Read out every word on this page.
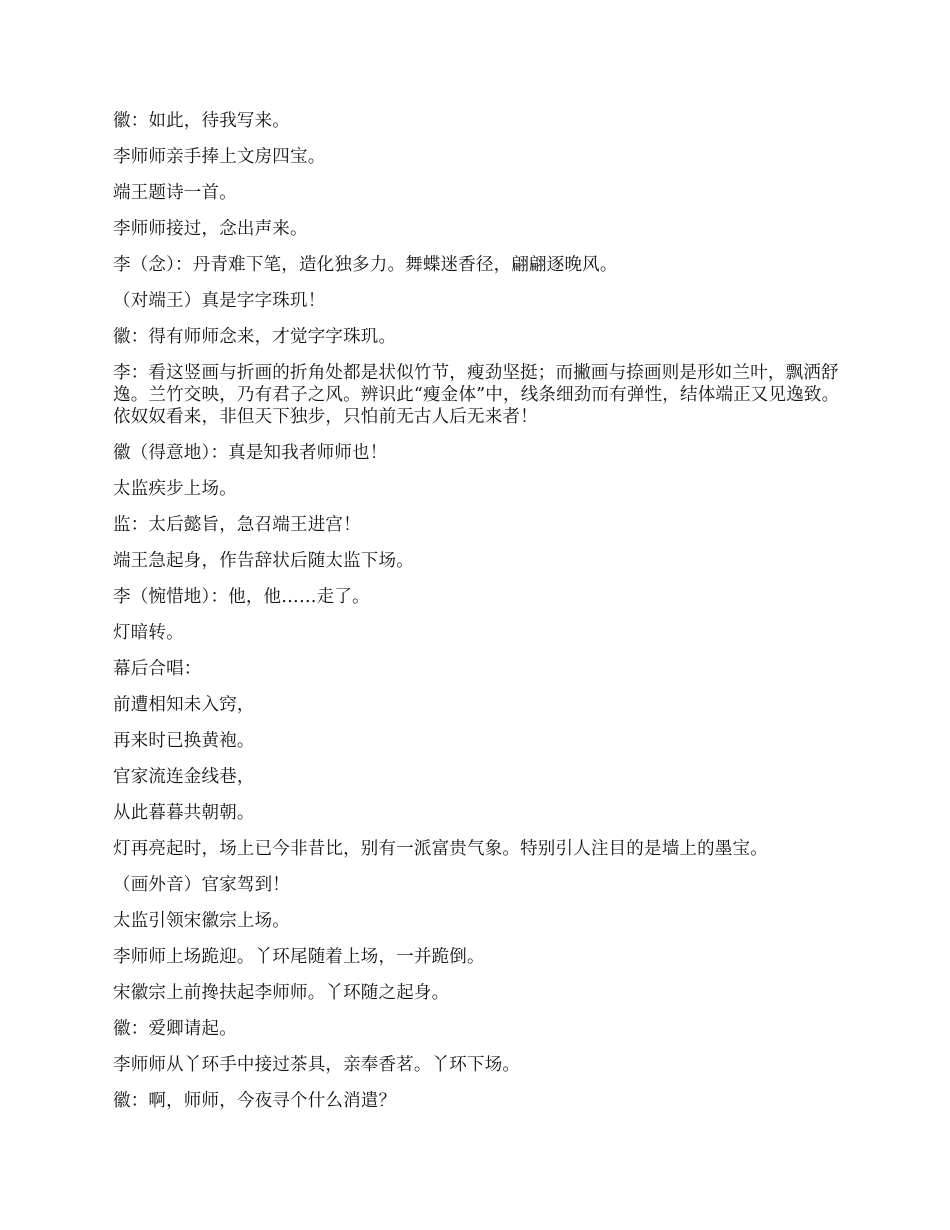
徽：如此，待我写来。

李师师亲手捧上文房四宝。

端王题诗一首。

李师师接过，念出声来。

李（念）：丹青难下笔，造化独多力。舞蝶迷香径，翩翩逐晚风。

（对端王）真是字字珠玑！

徽：得有师师念来，才觉字字珠玑。

李：看这竖画与折画的折角处都是状似竹节，瘦劲坚挺；而撇画与捺画则是形如兰叶，飘洒舒逸。兰竹交映，乃有君子之风。辨识此“瘦金体”中，线条细劲而有弹性，结体端正又见逸致。依奴奴看来，非但天下独步，只怕前无古人后无来者！

徽（得意地）：真是知我者师师也！

太监疾步上场。

监：太后懿旨，急召端王进宫！

端王急起身，作告辞状后随太监下场。

李（惋惜地）：他，他……走了。

灯暗转。

幕后合唱：

前遭相知未入窍，

再来时已换黄袍。

官家流连金线巷，

从此暮暮共朝朝。

灯再亮起时，场上已今非昔比，别有一派富贵气象。特别引人注目的是墙上的墨宝。

（画外音）官家驾到！

太监引领宋徽宗上场。

李师师上场跪迎。丫环尾随着上场，一并跪倒。

宋徽宗上前搀扶起李师师。丫环随之起身。

徽：爱卿请起。

李师师从丫环手中接过茶具，亲奉香茗。丫环下场。

徽：啊，师师，今夜寻个什么消遣？
